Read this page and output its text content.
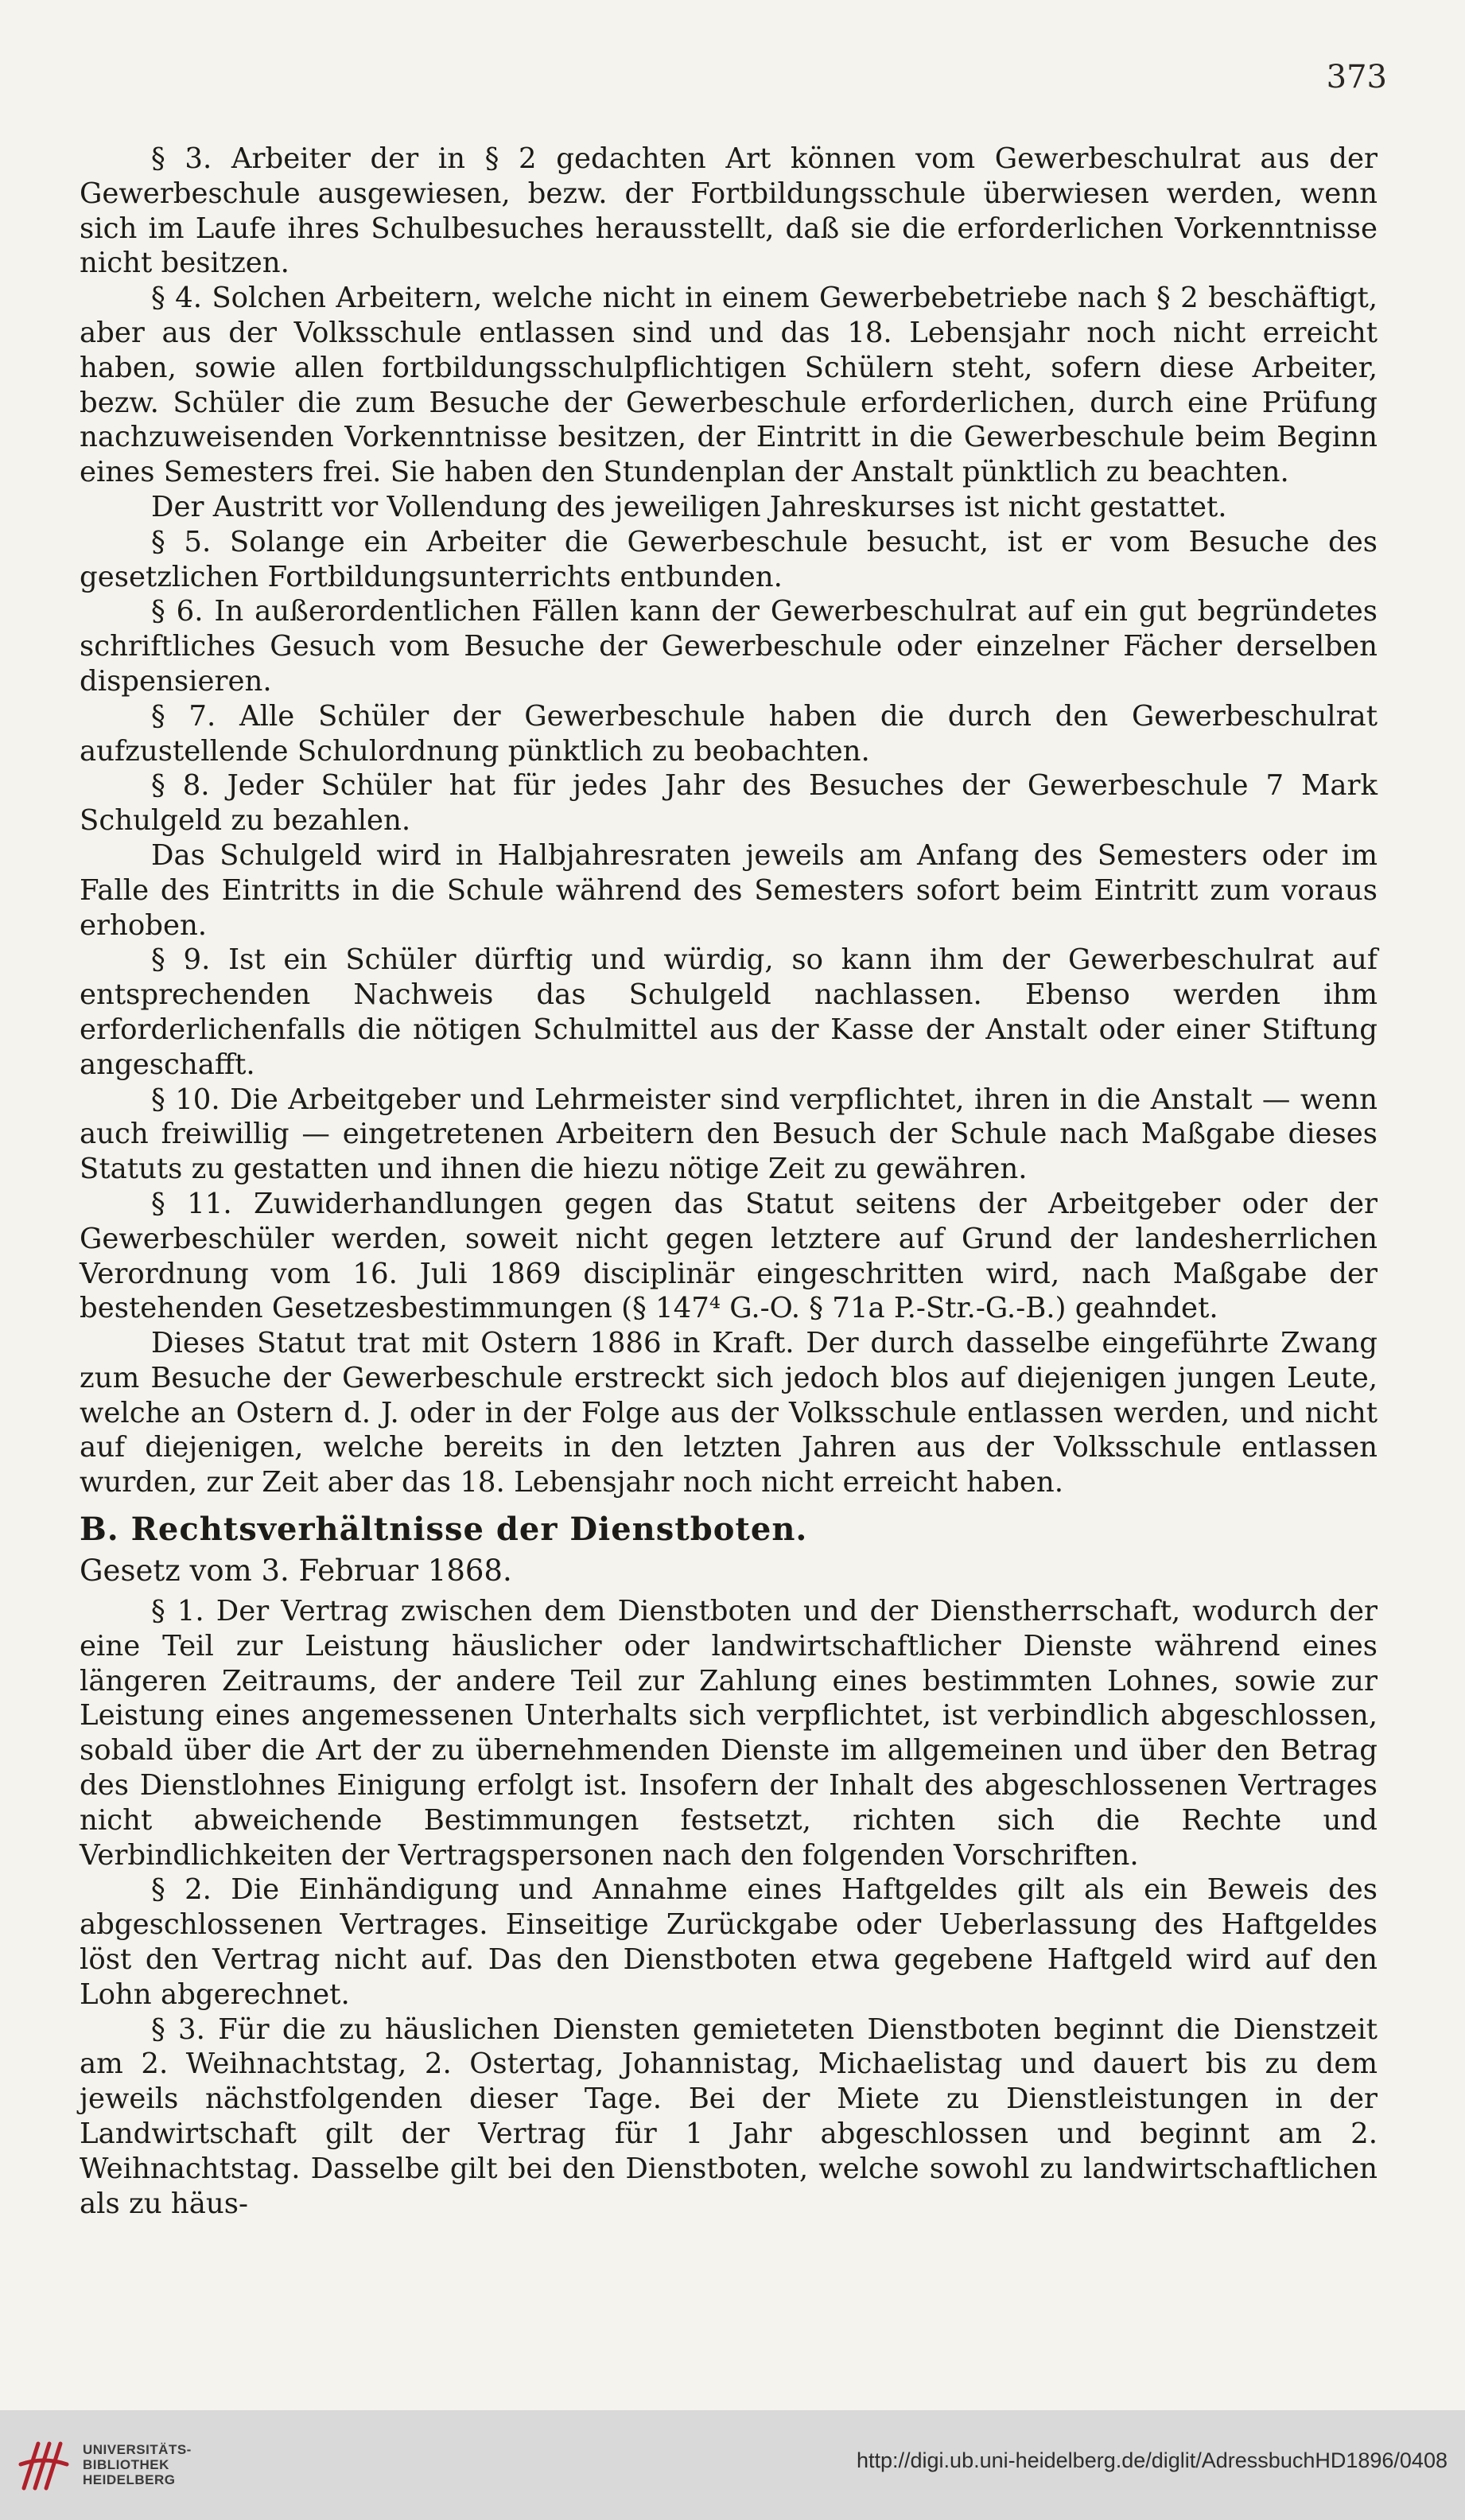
373

§ 3. Arbeiter der in § 2 gedachten Art können vom Gewerbeschulrat aus der Gewerbeschule ausgewiesen, bezw. der Fortbildungsschule überwiesen werden, wenn sich im Laufe ihres Schulbesuches herausstellt, daß sie die erforderlichen Vorkenntnisse nicht besitzen.

§ 4. Solchen Arbeitern, welche nicht in einem Gewerbebetriebe nach § 2 beschäftigt, aber aus der Volksschule entlassen sind und das 18. Lebensjahr noch nicht erreicht haben, sowie allen fortbildungsschulpflichtigen Schülern steht, sofern diese Arbeiter, bezw. Schüler die zum Besuche der Gewerbeschule erforderlichen, durch eine Prüfung nachzuweisenden Vorkenntnisse besitzen, der Eintritt in die Gewerbeschule beim Beginn eines Semesters frei. Sie haben den Stundenplan der Anstalt pünktlich zu beachten.

Der Austritt vor Vollendung des jeweiligen Jahreskurses ist nicht gestattet.

§ 5. Solange ein Arbeiter die Gewerbeschule besucht, ist er vom Besuche des gesetzlichen Fortbildungsunterrichts entbunden.

§ 6. In außerordentlichen Fällen kann der Gewerbeschulrat auf ein gut begründetes schriftliches Gesuch vom Besuche der Gewerbeschule oder einzelner Fächer derselben dispensieren.

§ 7. Alle Schüler der Gewerbeschule haben die durch den Gewerbeschulrat aufzustellende Schulordnung pünktlich zu beobachten.

§ 8. Jeder Schüler hat für jedes Jahr des Besuches der Gewerbeschule 7 Mark Schulgeld zu bezahlen.

Das Schulgeld wird in Halbjahresraten jeweils am Anfang des Semesters oder im Falle des Eintritts in die Schule während des Semesters sofort beim Eintritt zum voraus erhoben.

§ 9. Ist ein Schüler dürftig und würdig, so kann ihm der Gewerbeschulrat auf entsprechenden Nachweis das Schulgeld nachlassen. Ebenso werden ihm erforderlichenfalls die nötigen Schulmittel aus der Kasse der Anstalt oder einer Stiftung angeschafft.

§ 10. Die Arbeitgeber und Lehrmeister sind verpflichtet, ihren in die Anstalt — wenn auch freiwillig — eingetretenen Arbeitern den Besuch der Schule nach Maßgabe dieses Statuts zu gestatten und ihnen die hiezu nötige Zeit zu gewähren.

§ 11. Zuwiderhandlungen gegen das Statut seitens der Arbeitgeber oder der Gewerbeschüler werden, soweit nicht gegen letztere auf Grund der landesherrlichen Verordnung vom 16. Juli 1869 disciplinär eingeschritten wird, nach Maßgabe der bestehenden Gesetzesbestimmungen (§ 147⁴ G.-O. § 71a P.-Str.-G.-B.) geahndet.

Dieses Statut trat mit Ostern 1886 in Kraft. Der durch dasselbe eingeführte Zwang zum Besuche der Gewerbeschule erstreckt sich jedoch blos auf diejenigen jungen Leute, welche an Ostern d. J. oder in der Folge aus der Volksschule entlassen werden, und nicht auf diejenigen, welche bereits in den letzten Jahren aus der Volksschule entlassen wurden, zur Zeit aber das 18. Lebensjahr noch nicht erreicht haben.

B. Rechtsverhältnisse der Dienstboten.

Gesetz vom 3. Februar 1868.

§ 1. Der Vertrag zwischen dem Dienstboten und der Dienstherrschaft, wodurch der eine Teil zur Leistung häuslicher oder landwirtschaftlicher Dienste während eines längeren Zeitraums, der andere Teil zur Zahlung eines bestimmten Lohnes, sowie zur Leistung eines angemessenen Unterhalts sich verpflichtet, ist verbindlich abgeschlossen, sobald über die Art der zu übernehmenden Dienste im allgemeinen und über den Betrag des Dienstlohnes Einigung erfolgt ist. Insofern der Inhalt des abgeschlossenen Vertrages nicht abweichende Bestimmungen festsetzt, richten sich die Rechte und Verbindlichkeiten der Vertragspersonen nach den folgenden Vorschriften.

§ 2. Die Einhändigung und Annahme eines Haftgeldes gilt als ein Beweis des abgeschlossenen Vertrages. Einseitige Zurückgabe oder Ueberlassung des Haftgeldes löst den Vertrag nicht auf. Das den Dienstboten etwa gegebene Haftgeld wird auf den Lohn abgerechnet.

§ 3. Für die zu häuslichen Diensten gemieteten Dienstboten beginnt die Dienstzeit am 2. Weihnachtstag, 2. Ostertag, Johannistag, Michaelistag und dauert bis zu dem jeweils nächstfolgenden dieser Tage. Bei der Miete zu Dienstleistungen in der Landwirtschaft gilt der Vertrag für 1 Jahr abgeschlossen und beginnt am 2. Weihnachtstag. Dasselbe gilt bei den Dienstboten, welche sowohl zu landwirtschaftlichen als zu häus-

UNIVERSITÄTS-
BIBLIOTHEK
HEIDELBERG
http://digi.ub.uni-heidelberg.de/diglit/AdressbuchHD1896/0408
